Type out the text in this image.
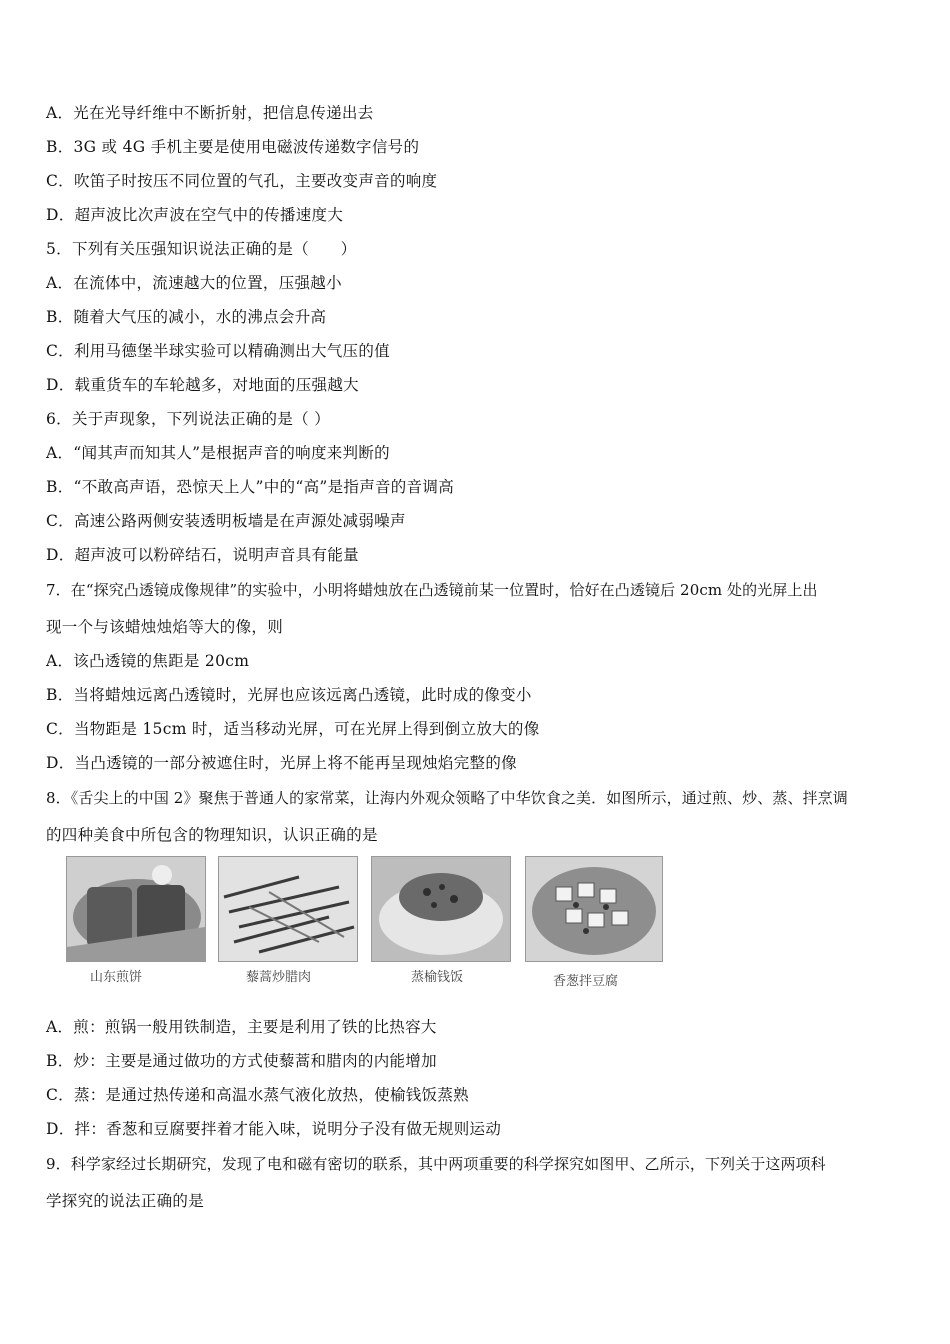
A．光在光导纤维中不断折射，把信息传递出去
B．3G 或 4G 手机主要是使用电磁波传递数字信号的
C．吹笛子时按压不同位置的气孔，主要改变声音的响度
D．超声波比次声波在空气中的传播速度大
5．下列有关压强知识说法正确的是（　　）
A．在流体中，流速越大的位置，压强越小
B．随着大气压的减小，水的沸点会升高
C．利用马德堡半球实验可以精确测出大气压的值
D．载重货车的车轮越多，对地面的压强越大
6．关于声现象，下列说法正确的是（ ）
A．“闻其声而知其人”是根据声音的响度来判断的
B．“不敢高声语，恐惊天上人”中的“高”是指声音的音调高
C．高速公路两侧安装透明板墙是在声源处减弱噪声
D．超声波可以粉碎结石，说明声音具有能量
7．在“探究凸透镜成像规律”的实验中，小明将蜡烛放在凸透镜前某一位置时，恰好在凸透镜后 20cm 处的光屏上出
现一个与该蜡烛烛焰等大的像，则
A．该凸透镜的焦距是 20cm
B．当将蜡烛远离凸透镜时，光屏也应该远离凸透镜，此时成的像变小
C．当物距是 15cm 时，适当移动光屏，可在光屏上得到倒立放大的像
D．当凸透镜的一部分被遮住时，光屏上将不能再呈现烛焰完整的像
8．《舌尖上的中国 2》聚焦于普通人的家常菜，让海内外观众领略了中华饮食之美．如图所示，通过煎、炒、蒸、拌烹调
的四种美食中所包含的物理知识，认识正确的是
山东煎饼	藜蒿炒腊肉	蒸榆钱饭	香葱拌豆腐
A．煎：煎锅一般用铁制造，主要是利用了铁的比热容大
B．炒：主要是通过做功的方式使藜蒿和腊肉的内能增加
C．蒸：是通过热传递和高温水蒸气液化放热，使榆钱饭蒸熟
D．拌：香葱和豆腐要拌着才能入味，说明分子没有做无规则运动
9．科学家经过长期研究，发现了电和磁有密切的联系，其中两项重要的科学探究如图甲、乙所示，下列关于这两项科
学探究的说法正确的是
